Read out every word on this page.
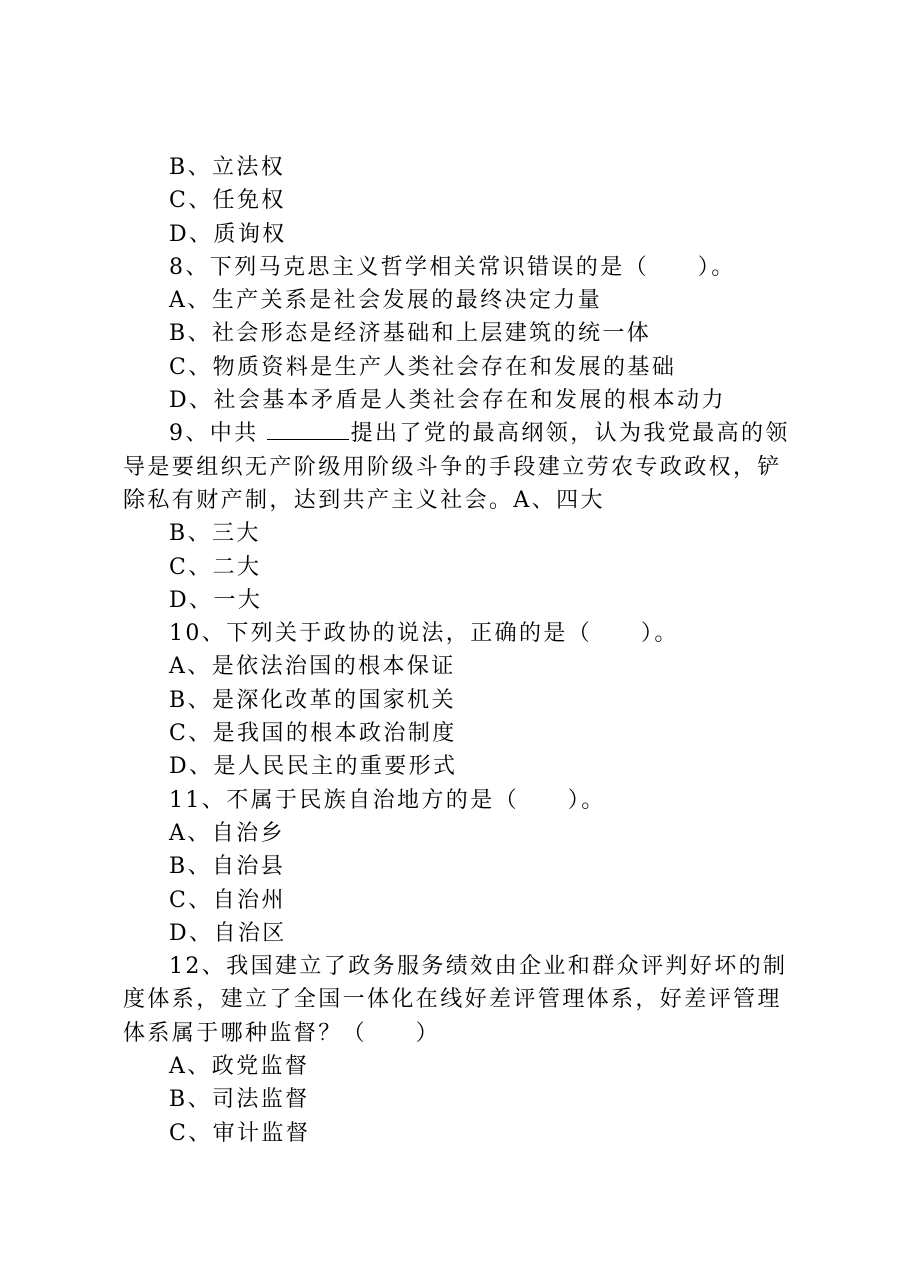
B、立法权
C、任免权
D、质询权
8、下列马克思主义哲学相关常识错误的是（　　）。
A、生产关系是社会发展的最终决定力量
B、社会形态是经济基础和上层建筑的统一体
C、物质资料是生产人类社会存在和发展的基础
D、社会基本矛盾是人类社会存在和发展的根本动力
9、中共	提出了党的最高纲领，认为我党最高的领
导是要组织无产阶级用阶级斗争的手段建立劳农专政政权，铲
除私有财产制，达到共产主义社会。A、四大
B、三大
C、二大
D、一大
10、下列关于政协的说法，正确的是（　　）。
A、是依法治国的根本保证
B、是深化改革的国家机关
C、是我国的根本政治制度
D、是人民民主的重要形式
11、不属于民族自治地方的是（　　）。
A、自治乡
B、自治县
C、自治州
D、自治区
12、我国建立了政务服务绩效由企业和群众评判好坏的制
度体系，建立了全国一体化在线好差评管理体系，好差评管理
体系属于哪种监督？（　　）
A、政党监督
B、司法监督
C、审计监督
